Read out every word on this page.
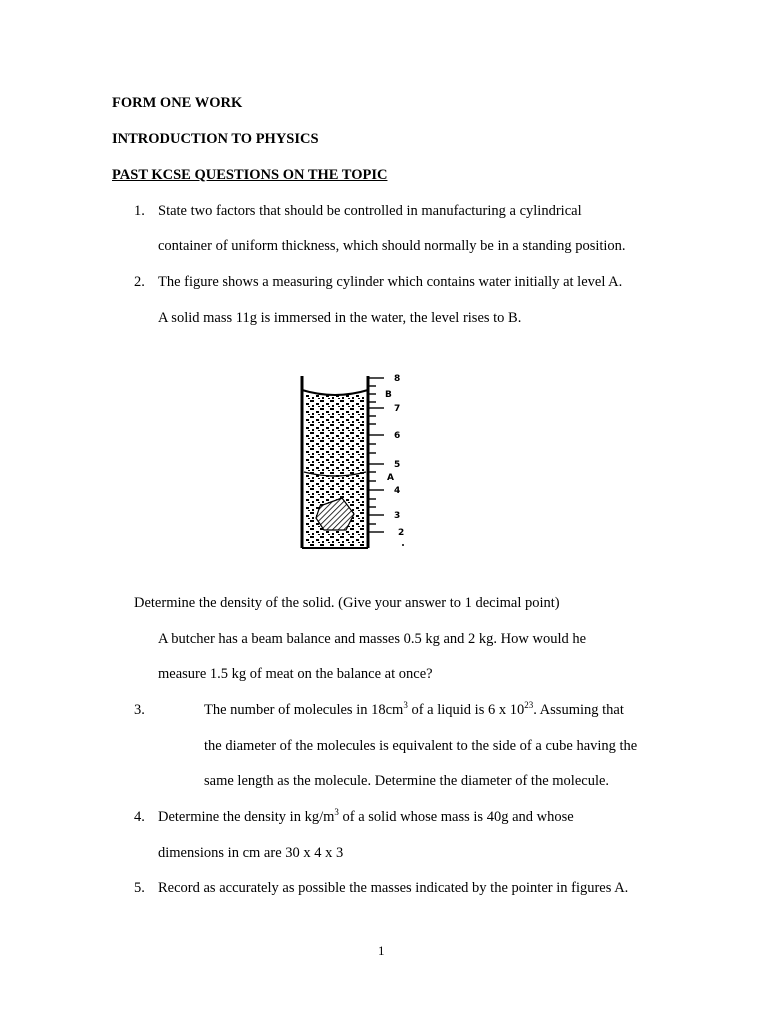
FORM ONE WORK
INTRODUCTION TO PHYSICS
PAST KCSE QUESTIONS ON THE TOPIC
1. State two factors that should be controlled in manufacturing a cylindrical
container of uniform thickness, which should normally be in a standing position.
2. The figure shows a measuring cylinder which contains water initially at level A.
A solid mass 11g is immersed in the water, the level rises to B.
8
7
6
5
4
3
2
B
A
Determine the density of the solid. (Give your answer to 1 decimal point)
A butcher has a beam balance and masses 0.5 kg and 2 kg. How would he
measure 1.5 kg of meat on the balance at once?
3.	The number of molecules in $18cm^3$ of a liquid is 6 x $10^{23}$. Assuming that
the diameter of the molecules is equivalent to the side of a cube having the
same length as the molecule. Determine the diameter of the molecule.
4. Determine the density in $kg/m^3$ of a solid whose mass is 40g and whose
dimensions in cm are 30 x 4 x 3
5. Record as accurately as possible the masses indicated by the pointer in figures A.
1
